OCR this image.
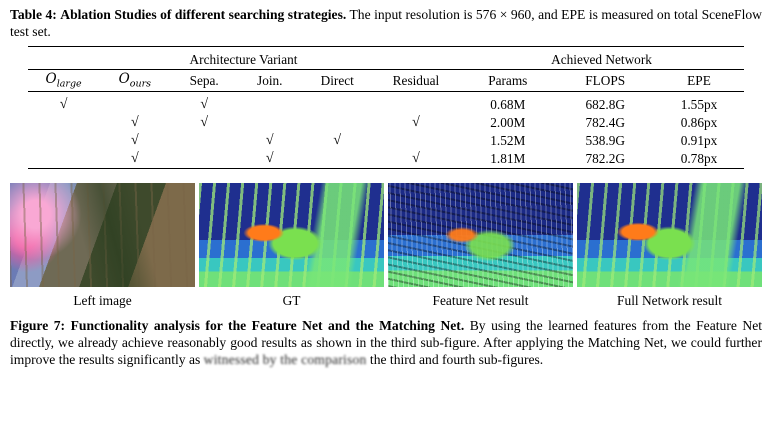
Table 4: Ablation Studies of different searching strategies. The input resolution is 576 × 960, and EPE is measured on total SceneFlow test set.

Architecture Variant						Achieved Network		
$O_{large}$	$O_{ours}$	Sepa.	Join.	Direct	Residual	Params	FLOPS	EPE

√		√				0.68M	682.8G	1.55px
	√	√			√	2.00M	782.4G	0.86px
	√		√	√		1.52M	538.9G	0.91px
	√		√		√	1.81M	782.2G	0.78px

Left image	GT	Feature Net result	Full Network result
Figure 7: Functionality analysis for the Feature Net and the Matching Net. By using the learned features from the Feature Net directly, we already achieve reasonably good results as shown in the third sub-figure. After applying the Matching Net, we could further improve the results significantly as witnessed by the comparison the third and fourth sub-figures.
